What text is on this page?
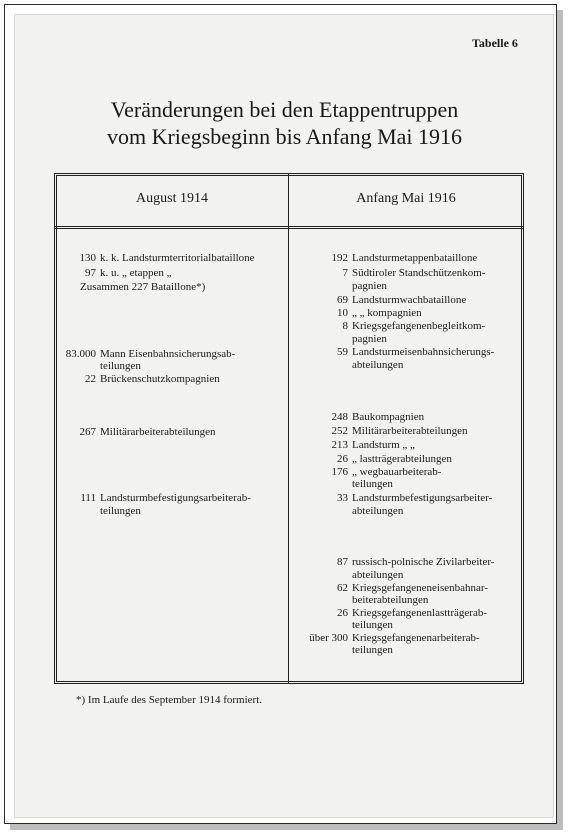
Tabelle 6
Veränderungen bei den Etappentruppen
vom Kriegsbeginn bis Anfang Mai 1916
August 1914	Anfang Mai 1916
130 k. k. Landsturmterritorialbataillone
97 k. u. „ etappen „
Zusammen 227 Bataillone*)
83.000 Mann Eisenbahnsicherungsab-
teilungen
22 Brückenschutzkompagnien
267 Militärarbeiterabteilungen
111 Landsturmbefestigungsarbeiterab-
teilungen
192 Landsturmetappenbataillone
7 Südtiroler Standschützenkom-
pagnien
69 Landsturmwachbataillone
10 „ „ kompagnien
8 Kriegsgefangenenbegleitkom-
pagnien
59 Landsturmeisenbahnsicherungs-
abteilungen
248 Baukompagnien
252 Militärarbeiterabteilungen
213 Landsturm „ „
26 „ lastträgerabteilungen
176 „ wegbauarbeiterab-
teilungen
33 Landsturmbefestigungsarbeiter-
abteilungen
87 russisch-polnische Zivilarbeiter-
abteilungen
62 Kriegsgefangeneneisenbahnar-
beiterabteilungen
26 Kriegsgefangenenlastträgerab-
teilungen
über 300 Kriegsgefangenenarbeiterab-
teilungen
*) Im Laufe des September 1914 formiert.
